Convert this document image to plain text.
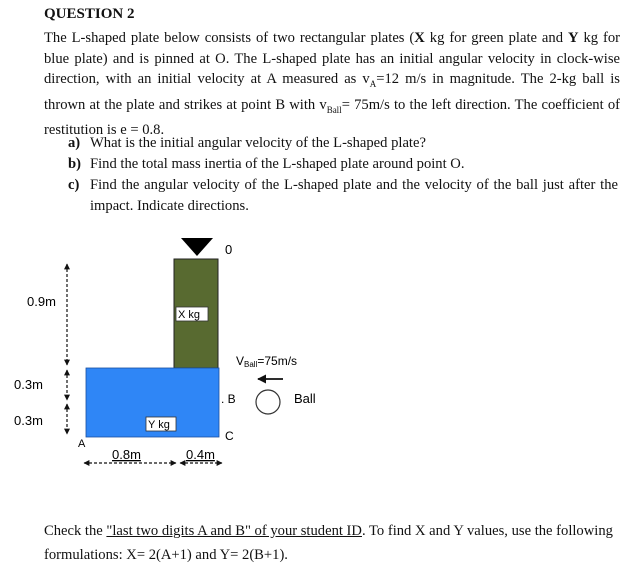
QUESTION 2
The L-shaped plate below consists of two rectangular plates (X kg for green plate and Y kg for blue plate) and is pinned at O. The L-shaped plate has an initial angular velocity in clock-wise direction, with an initial velocity at A measured as $v_A=12$ m/s in magnitude. The 2-kg ball is thrown at the plate and strikes at point B with $v_{Ball}= 75m/s$ to the left direction. The coefficient of restitution is e = 0.8.
a) What is the initial angular velocity of the L-shaped plate?
b) Find the total mass inertia of the L-shaped plate around point O.
c) Find the angular velocity of the L-shaped plate and the velocity of the ball just after the impact. Indicate directions.
0
X kg
Y kg
A
. B
C
VBall=75m/s
Ball
0.9m
0.3m
0.3m
0.8m	0.4m
Check the "last two digits A and B" of your student ID. To find X and Y values, use the following formulations: X= 2(A+1) and Y= 2(B+1).
